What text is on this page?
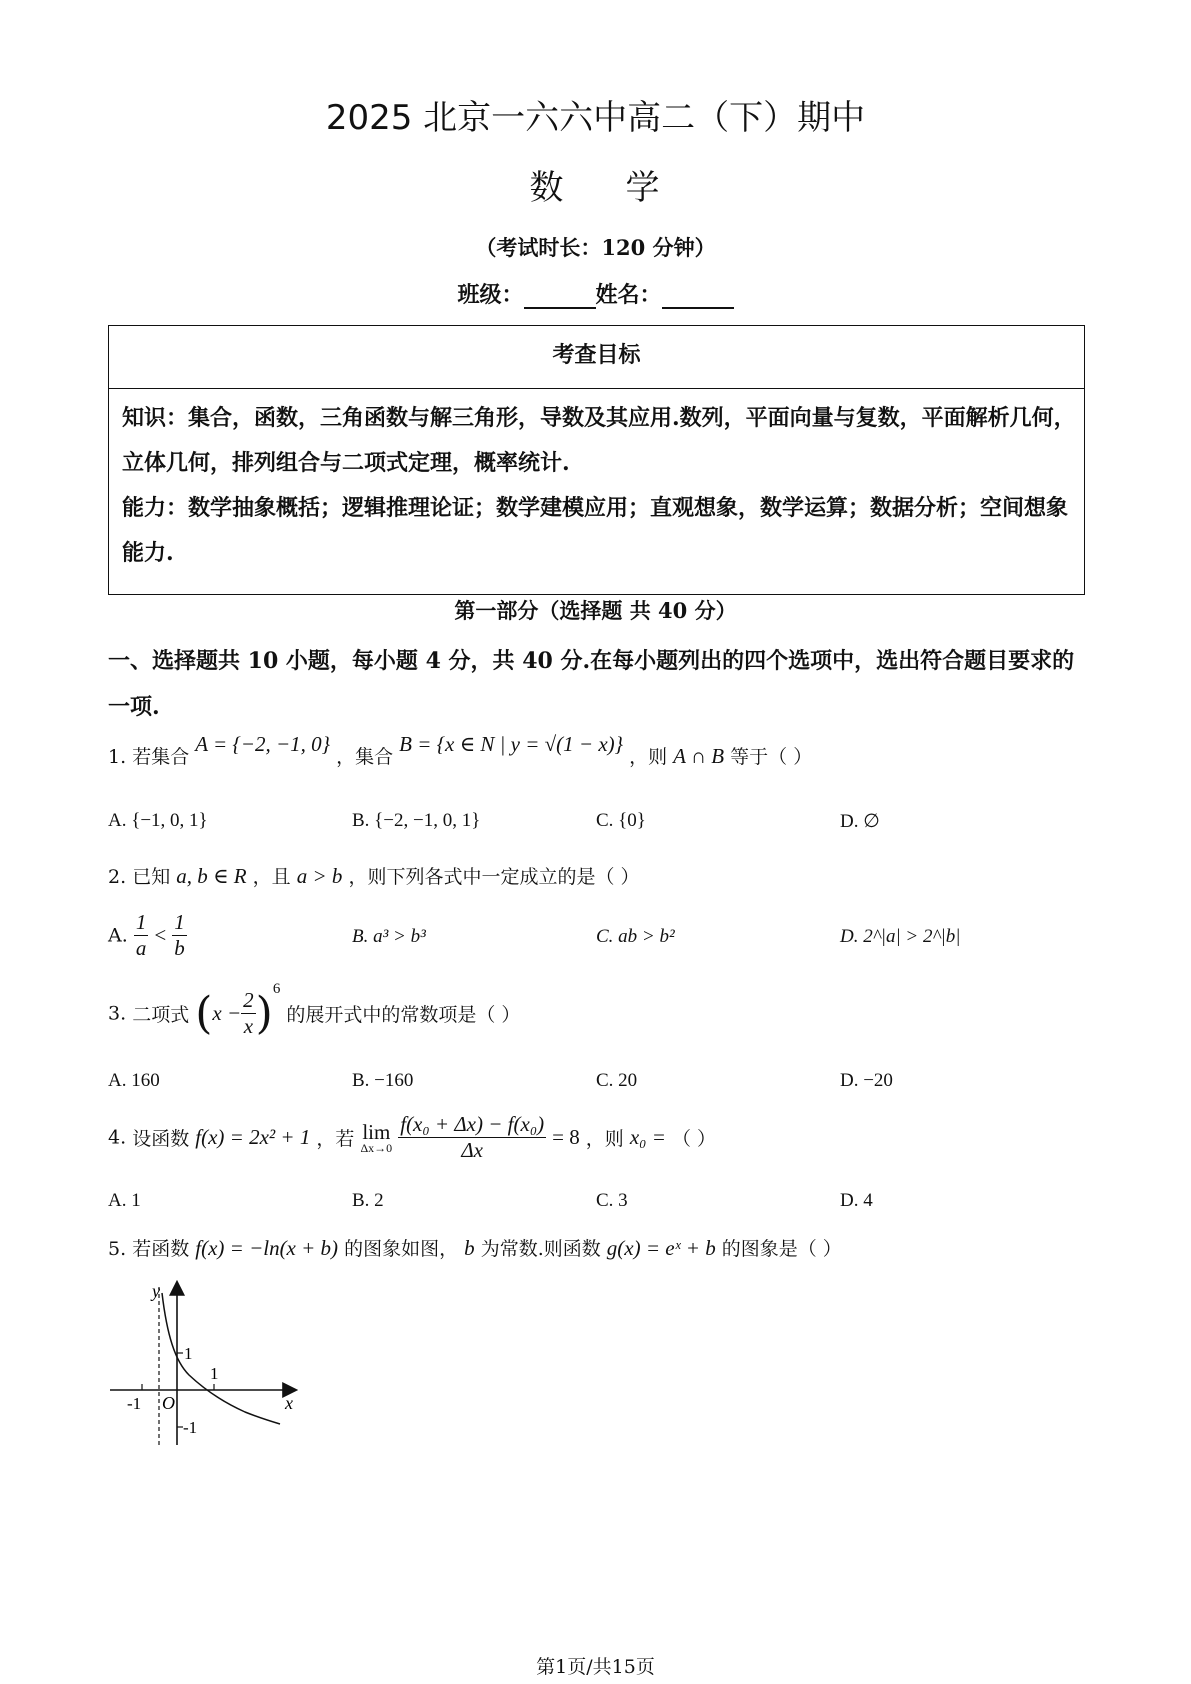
2025 北京一六六中高二（下）期中
数 学
（考试时长：120 分钟）
班级：	姓名：
考查目标
知识：集合，函数，三角函数与解三角形，导数及其应用.数列，平面向量与复数，平面解析几何，立体几何，排列组合与二项式定理，概率统计.
能力：数学抽象概括；逻辑推理论证；数学建模应用；直观想象，数学运算；数据分析；空间想象能力.
第一部分（选择题 共 40 分）
一、选择题共 10 小题，每小题 4 分，共 40 分.在每小题列出的四个选项中，选出符合题目要求的一项.
1. 若集合 A = {−2, −1, 0} ，集合 B = {x ∈ N | y = √(1 − x)} ，则 A ∩ B 等于（ ）
A. {−1, 0, 1}	B. {−2, −1, 0, 1}	C. {0}	D. ∅
2. 已知 a, b ∈ R ，且 a > b ，则下列各式中一定成立的是（ ）
A. $\frac{1}{a} < \frac{1}{b}$	B. a³ > b³	C. ab > b²	D. 2^|a| > 2^|b|
3. 二项式 $(x - \frac{2}{x} )^6$ 的展开式中的常数项是（ ）
A. 160	B. −160	C. 20	D. −20
4. 设函数 f(x) = 2x² + 1 ，若 lim
Δx→0
$\frac{\text{f(x₀ + Δx) − f(x₀)}}{\Delta x} = 8$ ，则 x₀ = （ ）
A. 1	B. 2	C. 3	D. 4
5. 若函数 f(x) = −ln(x + b) 的图象如图， b 为常数.则函数 g(x) = eˣ + b 的图象是（ ）
y
x
O
1
1
-1
-1
第1页/共15页
